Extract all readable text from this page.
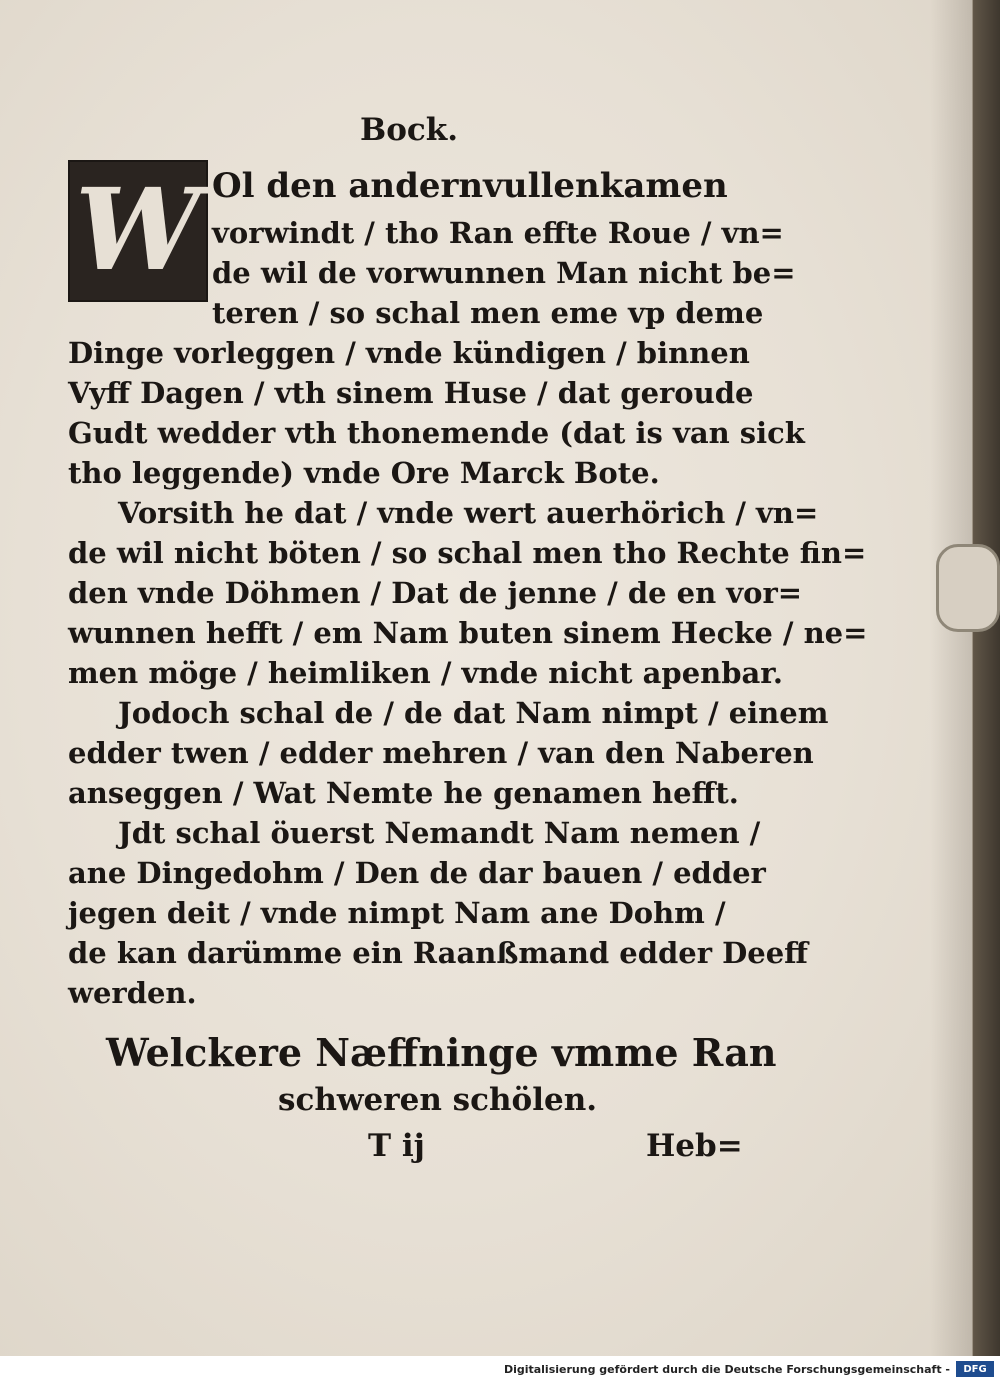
Bock.
W Ol den andernvullenkamen
vorwindt / tho Ran effte Roue / vn=
de wil de vorwunnen Man nicht be=
teren / so schal men eme vp deme
Dinge vorleggen / vnde kündigen / binnen
Vyff Dagen / vth sinem Huse / dat geroude
Gudt wedder vth thonemende (dat is van sick
tho leggende) vnde Ore Marck Bote.
Vorsith he dat / vnde wert auerhörich / vn=
de wil nicht böten / so schal men tho Rechte fin=
den vnde Döhmen / Dat de jenne / de en vor=
wunnen hefft / em Nam buten sinem Hecke / ne=
men möge / heimliken / vnde nicht apenbar.
Jodoch schal de / de dat Nam nimpt / einem
edder twen / edder mehren / van den Naberen
anseggen / Wat Nemte he genamen hefft.
Jdt schal öuerst Nemandt Nam nemen /
ane Dingedohm / Den de dar bauen / edder
jegen deit / vnde nimpt Nam ane Dohm /
de kan darümme ein Raanßmand edder Deeff
werden.
Welckere Næffninge vmme Ran
schweren schölen.
T ij	Heb=
Digitalisierung gefördert durch die Deutsche Forschungsgemeinschaft -	DFG
